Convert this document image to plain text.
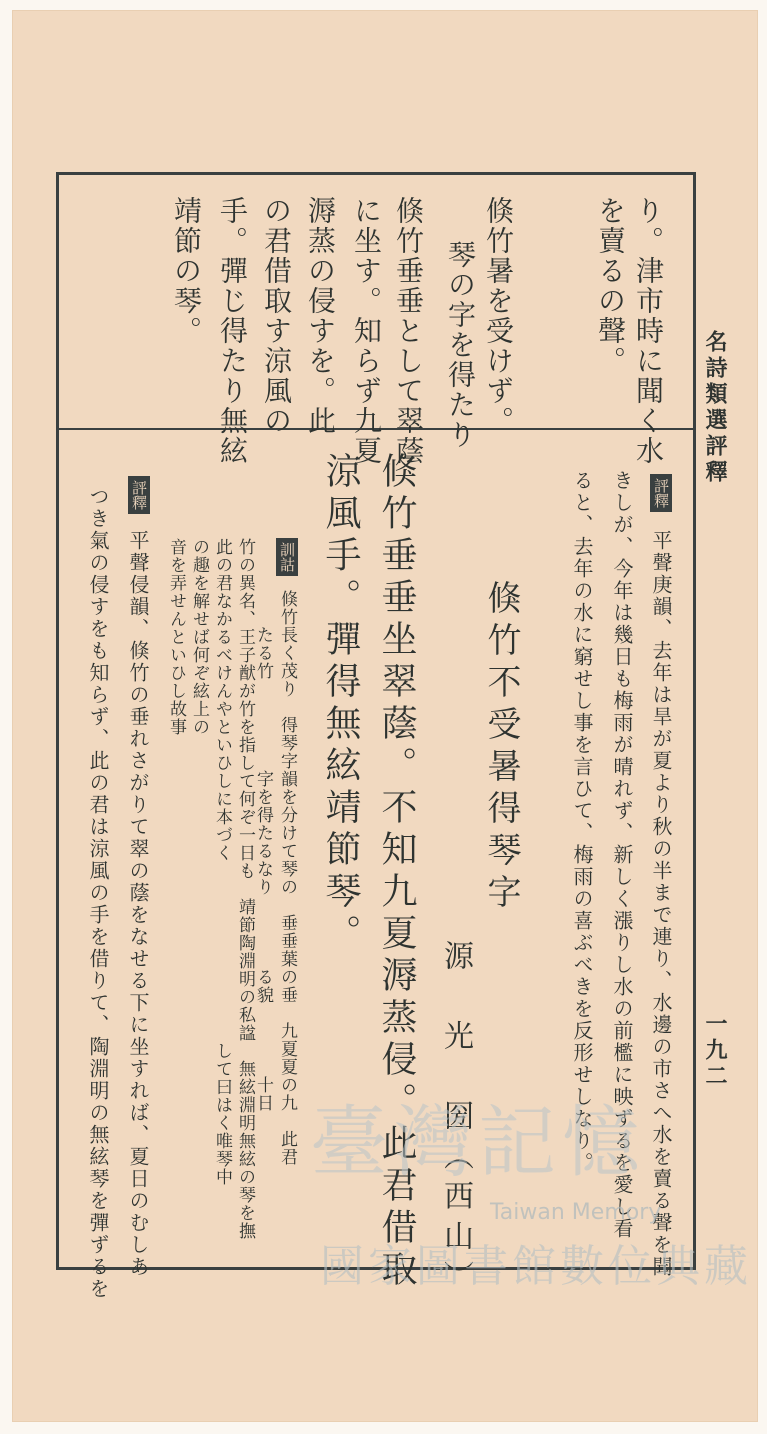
名詩類選評釋
一九二
り。津市時に聞く水
を賣るの聲。
倏竹暑を受けず。
琴の字を得たり
倏竹垂垂として翠蔭
に坐す。知らず九夏
溽蒸の侵すを。此
の君借取す涼風の
手。彈じ得たり無絃
靖節の琴。
評釋
平聲庚韻、去年は旱が夏より秋の半まで連り、水邊の市さへ水を賣る聲を聞
きしが、今年は幾日も梅雨が晴れず、新しく漲りし水の前檻に映ずるを愛し看
ると、去年の水に窮せし事を言ひて、梅雨の喜ぶべきを反形せしなり。
倏竹不受暑得琴字
源　光　圀（西山）
倏竹垂垂坐翠蔭。不知九夏溽蒸侵。此君借取
涼風手。彈得無絃靖節琴。
訓詁
倏竹長く茂り　得琴字韻を分けて琴の　垂垂葉の垂　九夏夏の九　此君
　　たる竹　　　　　字を得たるなり　　　　る貌　　　　十日
竹の異名、王子猷が竹を指して何ぞ一日も　靖節陶淵明の私諡　無絃淵明無絃の琴を撫
此の君なかるべけんやといひしに本づく　　　　　　　　　　して曰はく唯琴中
の趣を解せば何ぞ絃上の
音を弄せんといひし故事
評釋
平聲侵韻、倏竹の垂れさがりて翠の蔭をなせる下に坐すれば、夏日のむしあ
つき氣の侵すをも知らず、此の君は涼風の手を借りて、陶淵明の無絃琴を彈ずるを	臺灣記憶
Taiwan Memory
國家圖書館數位典藏
